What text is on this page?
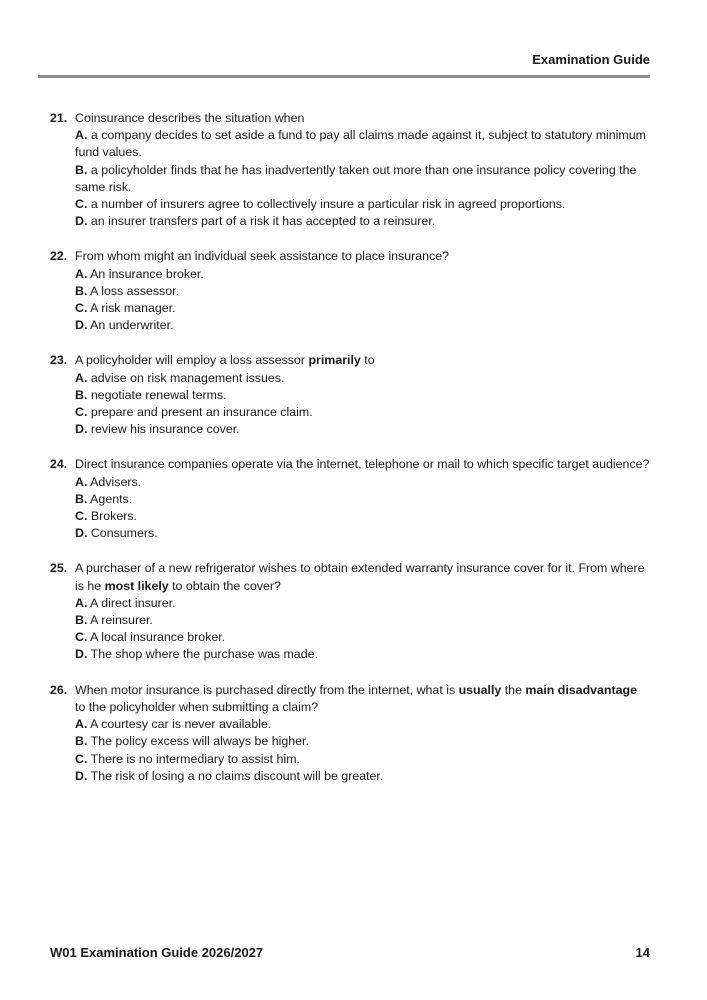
Examination Guide
21. Coinsurance describes the situation when
A. a company decides to set aside a fund to pay all claims made against it, subject to statutory minimum fund values.
B. a policyholder finds that he has inadvertently taken out more than one insurance policy covering the same risk.
C. a number of insurers agree to collectively insure a particular risk in agreed proportions.
D. an insurer transfers part of a risk it has accepted to a reinsurer.
22. From whom might an individual seek assistance to place insurance?
A. An insurance broker.
B. A loss assessor.
C. A risk manager.
D. An underwriter.
23. A policyholder will employ a loss assessor primarily to
A. advise on risk management issues.
B. negotiate renewal terms.
C. prepare and present an insurance claim.
D. review his insurance cover.
24. Direct insurance companies operate via the internet, telephone or mail to which specific target audience?
A. Advisers.
B. Agents.
C. Brokers.
D. Consumers.
25. A purchaser of a new refrigerator wishes to obtain extended warranty insurance cover for it. From where is he most likely to obtain the cover?
A. A direct insurer.
B. A reinsurer.
C. A local insurance broker.
D. The shop where the purchase was made.
26. When motor insurance is purchased directly from the internet, what is usually the main disadvantage to the policyholder when submitting a claim?
A. A courtesy car is never available.
B. The policy excess will always be higher.
C. There is no intermediary to assist him.
D. The risk of losing a no claims discount will be greater.
W01 Examination Guide 2026/2027	14
